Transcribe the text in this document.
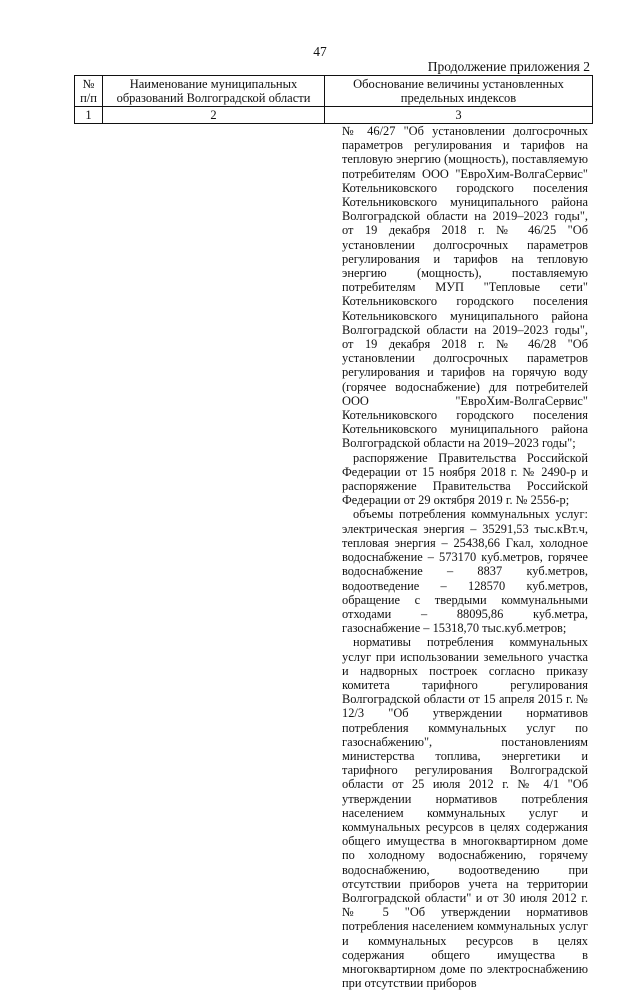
47
Продолжение приложения 2
№ п/п	Наименование муниципальных образований Волгоградской области	Обоснование величины установленных предельных индексов
1	2	3

№ 46/27 "Об установлении долгосрочных параметров регулирования и тарифов на тепловую энергию (мощность), поставляемую потребителям ООО "ЕвроХим-ВолгаСервис" Котельниковского городского поселения Котельниковского муниципального района Волгоградской области на 2019–2023 годы", от 19 декабря 2018 г. № 46/25 "Об установлении долгосрочных параметров регулирования и тарифов на тепловую энергию (мощность), поставляемую потребителям МУП "Тепловые сети" Котельниковского городского поселения Котельниковского муниципального района Волгоградской области на 2019–2023 годы", от 19 декабря 2018 г. № 46/28 "Об установлении долгосрочных параметров регулирования и тарифов на горячую воду (горячее водоснабжение) для потребителей ООО "ЕвроХим-ВолгаСервис" Котельниковского городского поселения Котельниковского муниципального района Волгоградской области на 2019–2023 годы";

распоряжение Правительства Российской Федерации от 15 ноября 2018 г. № 2490-р и распоряжение Правительства Российской Федерации от 29 октября 2019 г. № 2556-р;

объемы потребления коммунальных услуг: электрическая энергия – 35291,53 тыс.кВт.ч, тепловая энергия – 25438,66 Гкал, холодное водоснабжение – 573170 куб.метров, горячее водоснабжение – 8837 куб.метров, водоотведение – 128570 куб.метров, обращение с твердыми коммунальными отходами – 88095,86 куб.метра, газоснабжение – 15318,70 тыс.куб.метров;

нормативы потребления коммунальных услуг при использовании земельного участка и надворных построек согласно приказу комитета тарифного регулирования Волгоградской области от 15 апреля 2015 г. № 12/3 "Об утверждении нормативов потребления коммунальных услуг по газоснабжению", постановлениям министерства топлива, энергетики и тарифного регулирования Волгоградской области от 25 июля 2012 г. № 4/1 "Об утверждении нормативов потребления населением коммунальных услуг и коммунальных ресурсов в целях содержания общего имущества в многоквартирном доме по холодному водоснабжению, горячему водоснабжению, водоотведению при отсутствии приборов учета на территории Волгоградской области" и от 30 июля 2012 г. № 5 "Об утверждении нормативов потребления населением коммунальных услуг и коммунальных ресурсов в целях содержания общего имущества в многоквартирном доме по электроснабжению при отсутствии приборов
